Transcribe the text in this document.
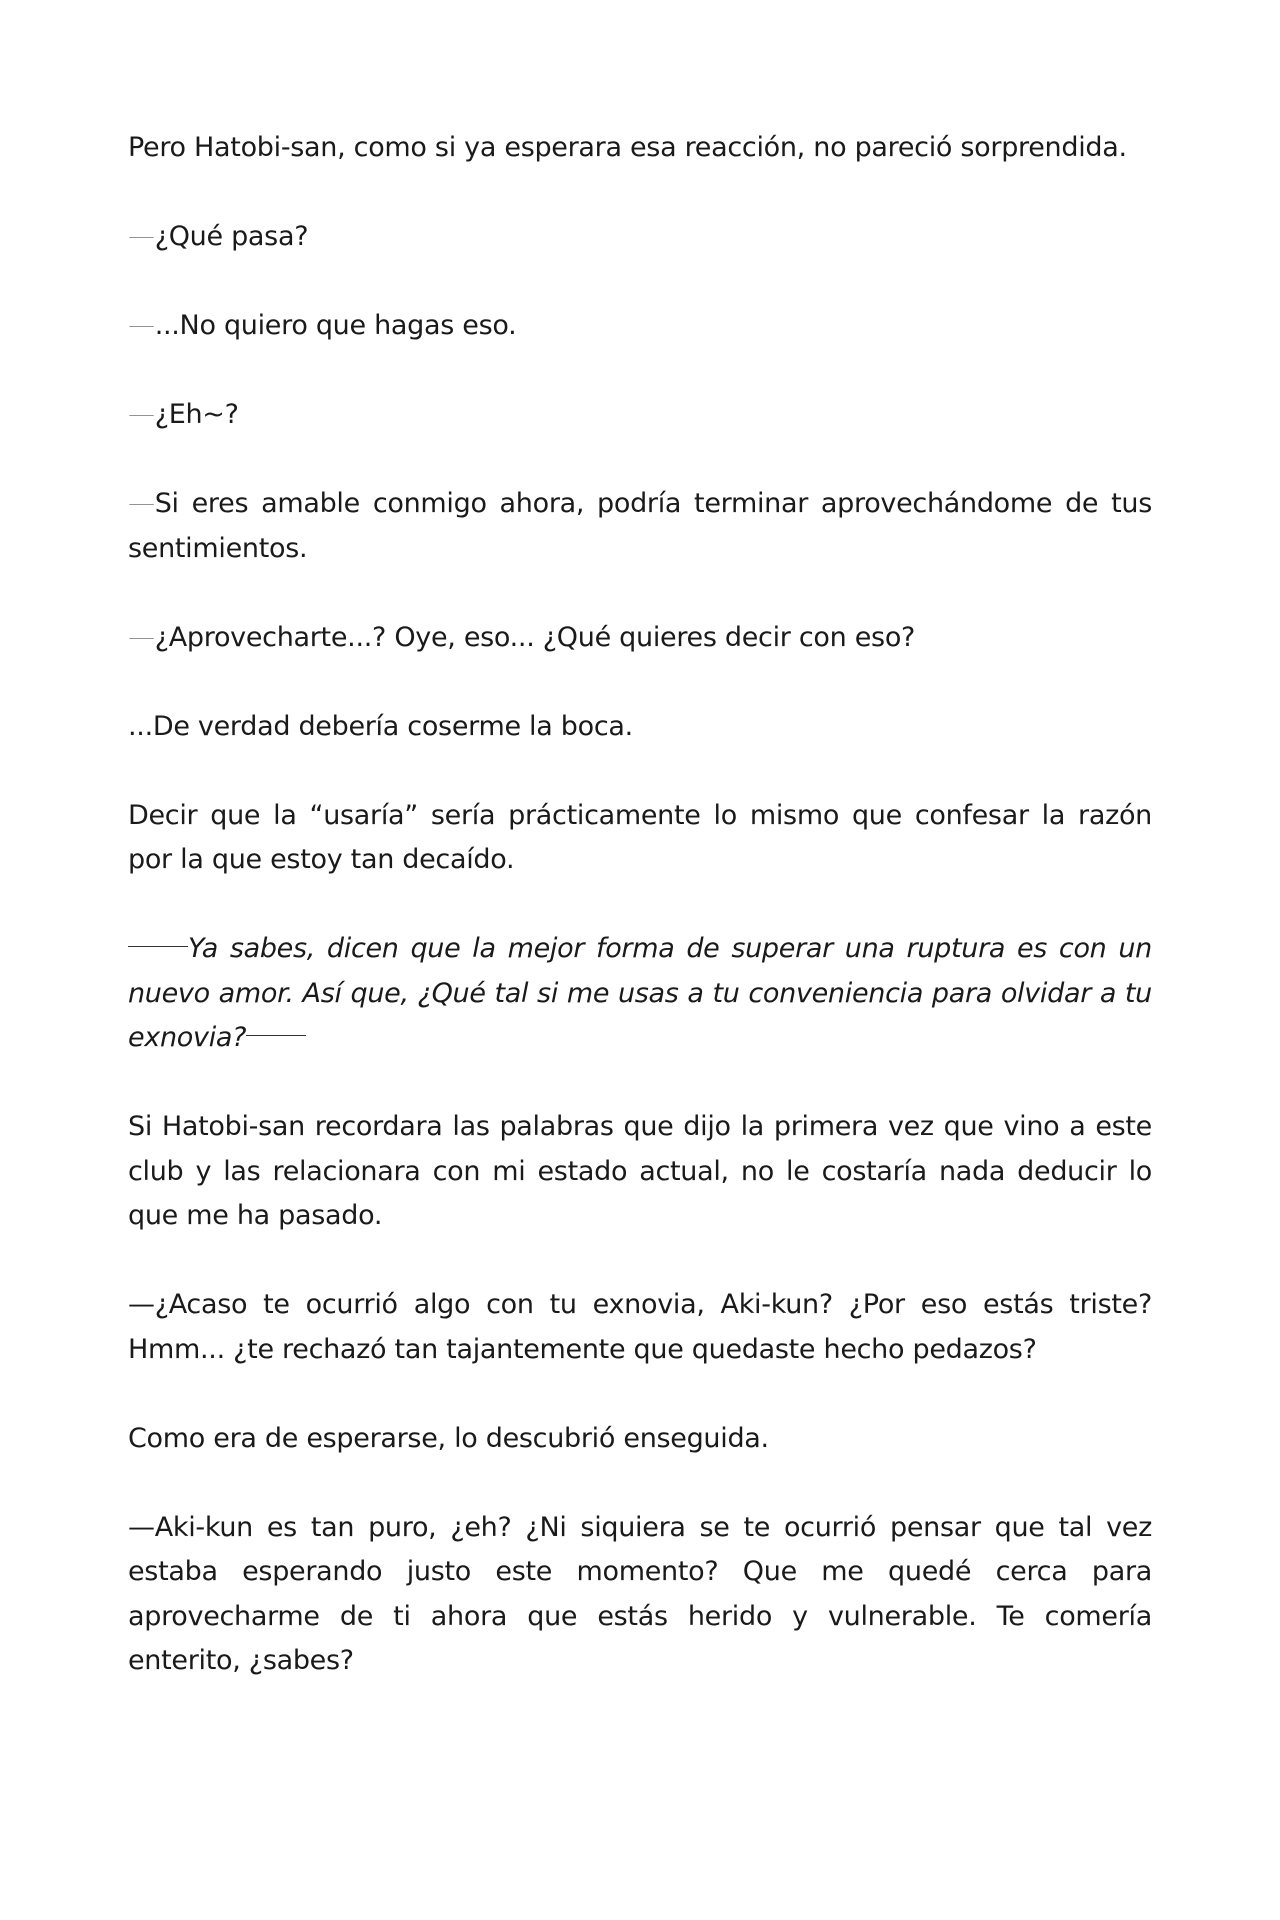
Pero Hatobi-san, como si ya esperara esa reacción, no pareció sorprendida.

—¿Qué pasa?

—...No quiero que hagas eso.

—¿Eh~?

—Si eres amable conmigo ahora, podría terminar aprovechándome de tus sentimientos.

—¿Aprovecharte...? Oye, eso... ¿Qué quieres decir con eso?

...De verdad debería coserme la boca.

Decir que la “usaría” sería prácticamente lo mismo que confesar la razón por la que estoy tan decaído.

Ya sabes, dicen que la mejor forma de superar una ruptura es con un nuevo amor. Así que, ¿Qué tal si me usas a tu conveniencia para olvidar a tu exnovia?

Si Hatobi-san recordara las palabras que dijo la primera vez que vino a este club y las relacionara con mi estado actual, no le costaría nada deducir lo que me ha pasado.

—¿Acaso te ocurrió algo con tu exnovia, Aki-kun? ¿Por eso estás triste? Hmm... ¿te rechazó tan tajantemente que quedaste hecho pedazos?

Como era de esperarse, lo descubrió enseguida.

—Aki-kun es tan puro, ¿eh? ¿Ni siquiera se te ocurrió pensar que tal vez estaba esperando justo este momento? Que me quedé cerca para aprovecharme de ti ahora que estás herido y vulnerable. Te comería enterito, ¿sabes?
